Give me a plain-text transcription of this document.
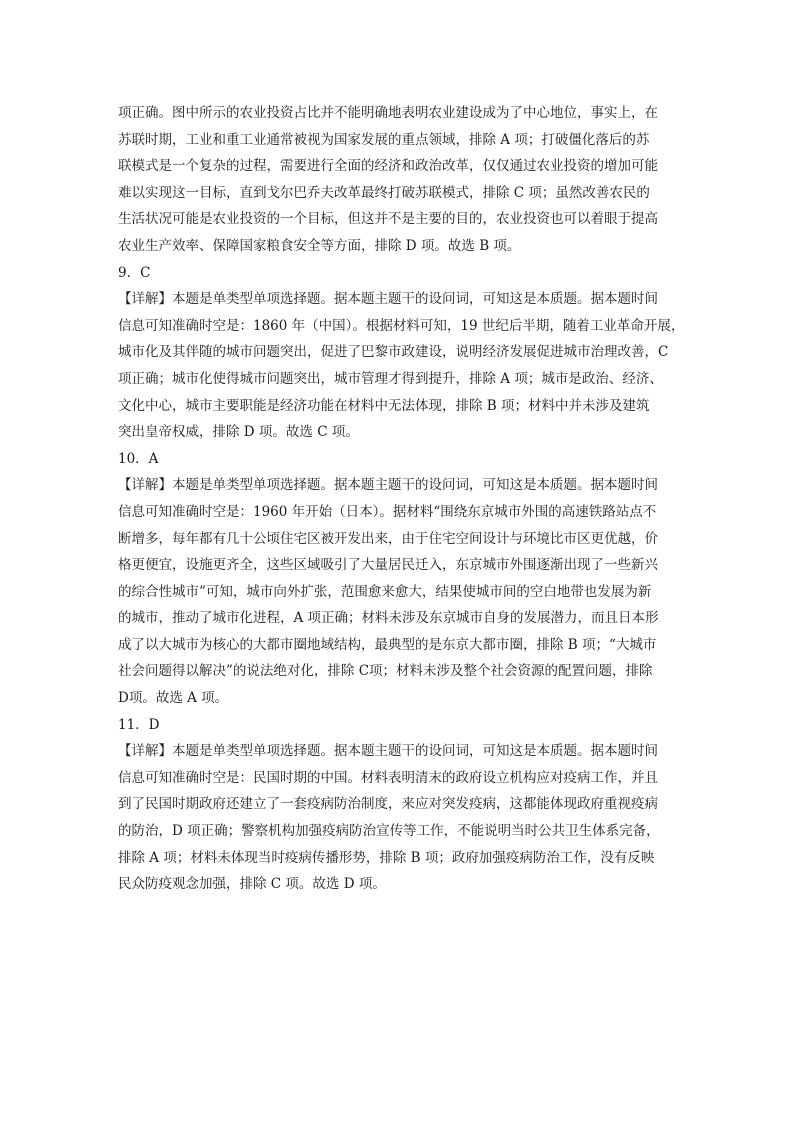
项正确。图中所示的农业投资占比并不能明确地表明农业建设成为了中心地位，事实上，在
苏联时期，工业和重工业通常被视为国家发展的重点领域，排除 A 项；打破僵化落后的苏
联模式是一个复杂的过程，需要进行全面的经济和政治改革，仅仅通过农业投资的增加可能
难以实现这一目标，直到戈尔巴乔夫改革最终打破苏联模式，排除 C 项；虽然改善农民的
生活状况可能是农业投资的一个目标，但这并不是主要的目的，农业投资也可以着眼于提高
农业生产效率、保障国家粮食安全等方面，排除 D 项。故选 B 项。
9．C
【详解】本题是单类型单项选择题。据本题主题干的设问词，可知这是本质题。据本题时间
信息可知准确时空是：1860 年（中国）。根据材料可知，19 世纪后半期，随着工业革命开展，
城市化及其伴随的城市问题突出，促进了巴黎市政建设，说明经济发展促进城市治理改善，C
项正确；城市化使得城市问题突出，城市管理才得到提升，排除 A 项；城市是政治、经济、
文化中心，城市主要职能是经济功能在材料中无法体现，排除 B 项；材料中并未涉及建筑
突出皇帝权威，排除 D 项。故选 C 项。
10．A
【详解】本题是单类型单项选择题。据本题主题干的设问词，可知这是本质题。据本题时间
信息可知准确时空是：1960 年开始（日本）。据材料“围绕东京城市外围的高速铁路站点不
断增多，每年都有几十公顷住宅区被开发出来，由于住宅空间设计与环境比市区更优越，价
格更便宜，设施更齐全，这些区域吸引了大量居民迁入，东京城市外围逐渐出现了一些新兴
的综合性城市”可知，城市向外扩张，范围愈来愈大，结果使城市间的空白地带也发展为新
的城市，推动了城市化进程，A 项正确；材料未涉及东京城市自身的发展潜力，而且日本形
成了以大城市为核心的大都市圈地域结构，最典型的是东京大都市圈，排除 B 项；“大城市
社会问题得以解决”的说法绝对化，排除 C项；材料未涉及整个社会资源的配置问题，排除
D项。故选 A 项。
11．D
【详解】本题是单类型单项选择题。据本题主题干的设问词，可知这是本质题。据本题时间
信息可知准确时空是：民国时期的中国。材料表明清末的政府设立机构应对疫病工作，并且
到了民国时期政府还建立了一套疫病防治制度，来应对突发疫病，这都能体现政府重视疫病
的防治，D 项正确；警察机构加强疫病防治宣传等工作，不能说明当时公共卫生体系完备，
排除 A 项；材料未体现当时疫病传播形势，排除 B 项；政府加强疫病防治工作，没有反映
民众防疫观念加强，排除 C 项。故选 D 项。
